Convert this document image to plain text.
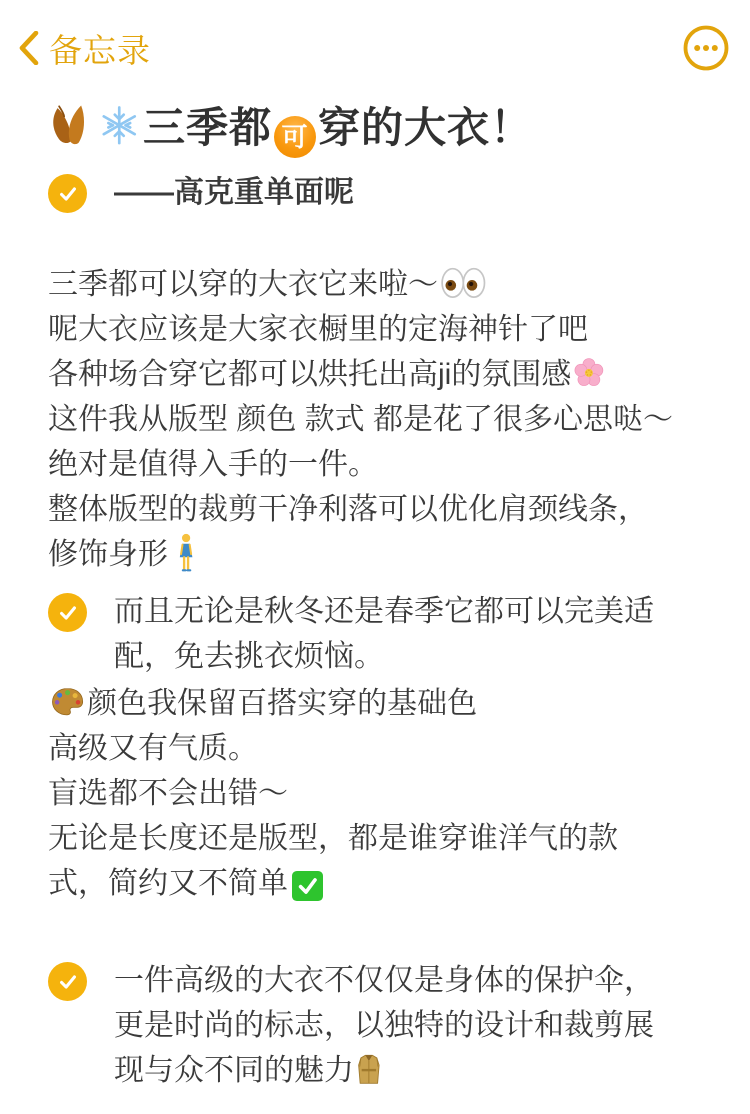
备忘录
三季都 可 穿的大衣！
——高克重单面呢
三季都可以穿的大衣它来啦～
呢大衣应该是大家衣橱里的定海神针了吧
各种场合穿它都可以烘托出高ji的氛围感
这件我从版型 颜色 款式 都是花了很多心思哒～
绝对是值得入手的一件。
整体版型的裁剪干净利落可以优化肩颈线条，
修饰身形
而且无论是秋冬还是春季它都可以完美适
配，免去挑衣烦恼。
颜色我保留百搭实穿的基础色
高级又有气质。
盲选都不会出错～
无论是长度还是版型，都是谁穿谁洋气的款
式，简约又不简单
一件高级的大衣不仅仅是身体的保护伞，
更是时尚的标志，以独特的设计和裁剪展
现与众不同的魅力
